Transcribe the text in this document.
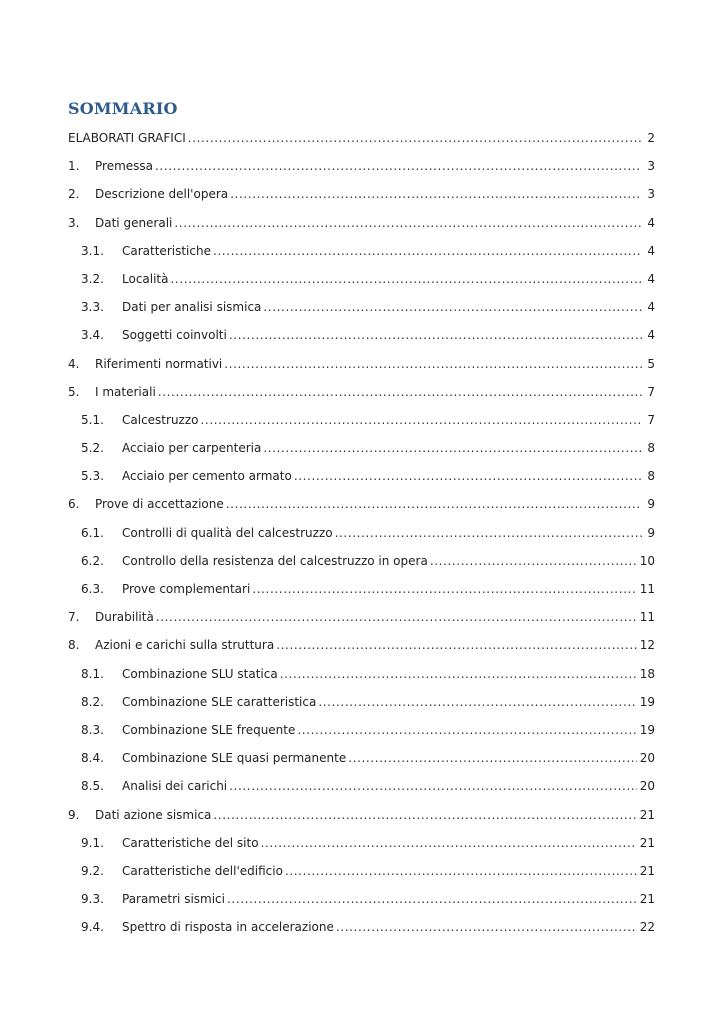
SOMMARIO
ELABORATI GRAFICI .....	2
1. Premessa .....	3
2. Descrizione dell'opera .....	3
3. Dati generali .....	4
3.1. Caratteristiche .....	4
3.2. Località .....	4
3.3. Dati per analisi sismica .....	4
3.4. Soggetti coinvolti .....	4
4. Riferimenti normativi .....	5
5. I materiali .....	7
5.1. Calcestruzzo .....	7
5.2. Acciaio per carpenteria .....	8
5.3. Acciaio per cemento armato .....	8
6. Prove di accettazione .....	9
6.1. Controlli di qualità del calcestruzzo .....	9
6.2. Controllo della resistenza del calcestruzzo in opera .....	10
6.3. Prove complementari .....	11
7. Durabilità .....	11
8. Azioni e carichi sulla struttura .....	12
8.1. Combinazione SLU statica .....	18
8.2. Combinazione SLE caratteristica .....	19
8.3. Combinazione SLE frequente .....	19
8.4. Combinazione SLE quasi permanente .....	20
8.5. Analisi dei carichi .....	20
9. Dati azione sismica .....	21
9.1. Caratteristiche del sito .....	21
9.2. Caratteristiche dell'edificio .....	21
9.3. Parametri sismici .....	21
9.4. Spettro di risposta in accelerazione .....	22
